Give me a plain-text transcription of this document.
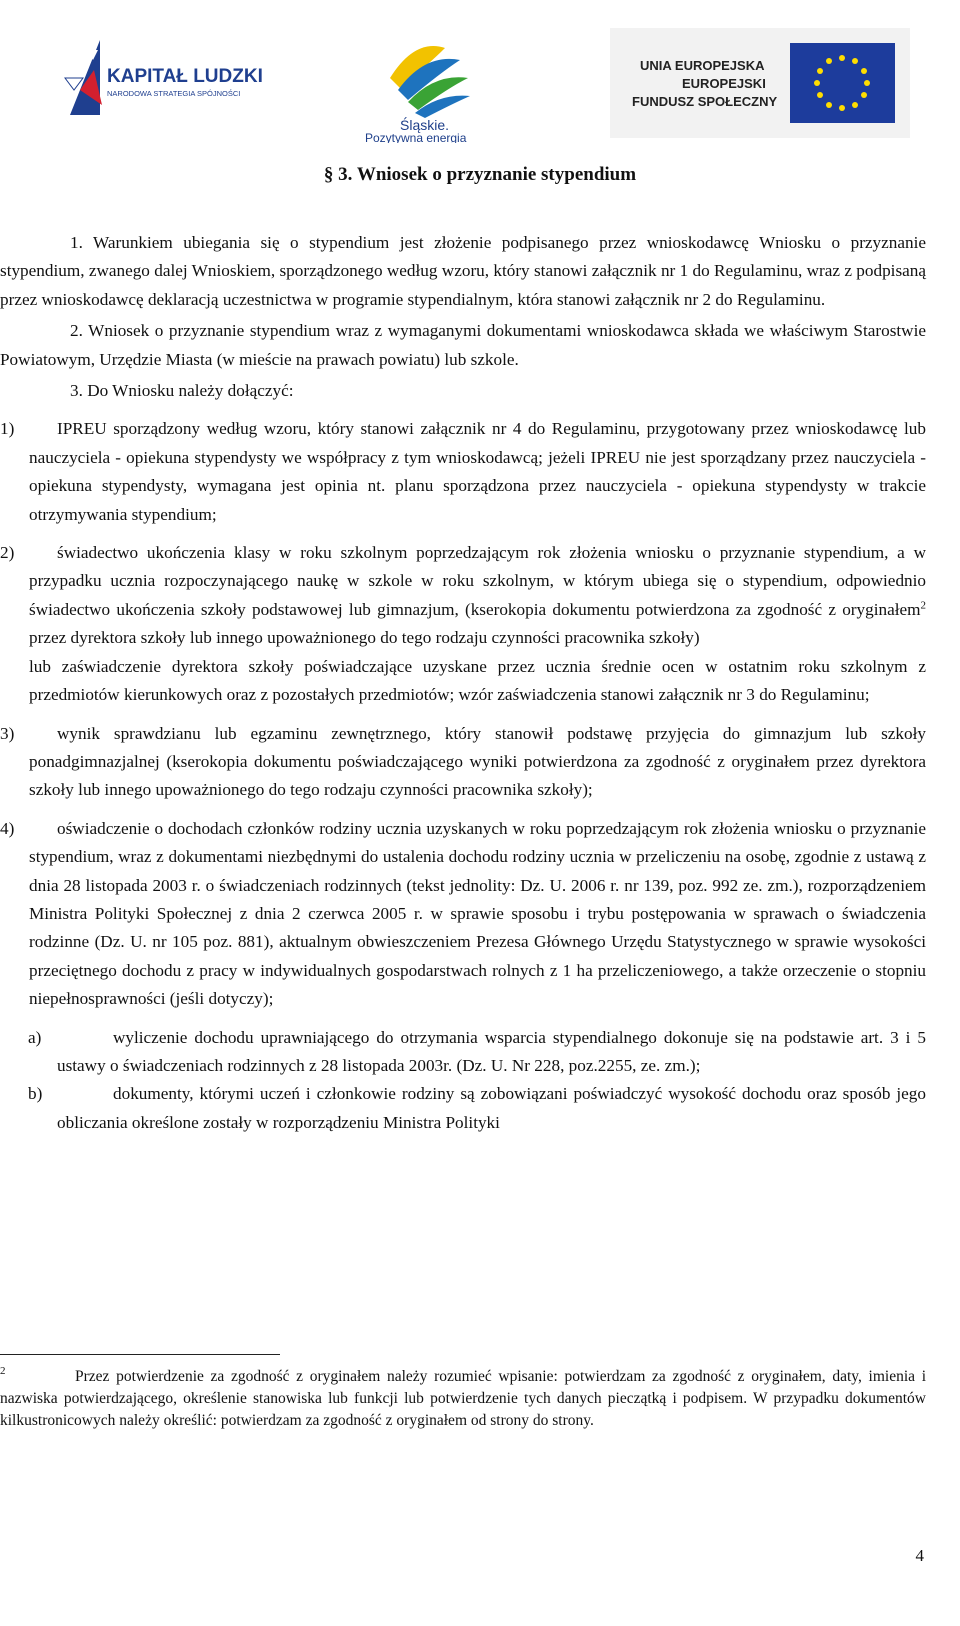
KAPITAŁ LUDZKI
NARODOWA STRATEGIA SPÓJNOŚCI
Śląskie.
Pozytywna energia
UNIA EUROPEJSKA
EUROPEJSKI
FUNDUSZ SPOŁECZNY
§ 3. Wniosek o przyznanie stypendium

1. Warunkiem ubiegania się o stypendium jest złożenie podpisanego przez wnioskodawcę Wniosku o przyznanie stypendium, zwanego dalej Wnioskiem, sporządzonego według wzoru, który stanowi załącznik nr 1 do Regulaminu, wraz z podpisaną przez wnioskodawcę deklaracją uczestnictwa w programie stypendialnym, która stanowi załącznik nr 2 do Regulaminu.

2. Wniosek o przyznanie stypendium wraz z wymaganymi dokumentami wnioskodawca składa we właściwym Starostwie Powiatowym, Urzędzie Miasta (w mieście na prawach powiatu) lub szkole.

3. Do Wniosku należy dołączyć:

1)	IPREU sporządzony według wzoru, który stanowi załącznik nr 4 do Regulaminu, przygotowany przez wnioskodawcę lub nauczyciela - opiekuna stypendysty we współpracy z tym wnioskodawcą; jeżeli IPREU nie jest sporządzany przez nauczyciela - opiekuna stypendysty, wymagana jest opinia nt. planu sporządzona przez nauczyciela - opiekuna stypendysty w trakcie otrzymywania stypendium;
2)	świadectwo ukończenia klasy w roku szkolnym poprzedzającym rok złożenia wniosku o przyznanie stypendium, a w przypadku ucznia rozpoczynającego naukę w szkole w roku szkolnym, w którym ubiega się o stypendium, odpowiednio świadectwo ukończenia szkoły podstawowej lub gimnazjum, (kserokopia dokumentu potwierdzona za zgodność z oryginałem$^2$ przez dyrektora szkoły lub innego upoważnionego do tego rodzaju czynności pracownika szkoły)
lub zaświadczenie dyrektora szkoły poświadczające uzyskane przez ucznia średnie ocen w ostatnim roku szkolnym z przedmiotów kierunkowych oraz z pozostałych przedmiotów; wzór zaświadczenia stanowi załącznik nr 3 do Regulaminu;
3)	wynik sprawdzianu lub egzaminu zewnętrznego, który stanowił podstawę przyjęcia do gimnazjum lub szkoły ponadgimnazjalnej (kserokopia dokumentu poświadczającego wyniki potwierdzona za zgodność z oryginałem przez dyrektora szkoły lub innego upoważnionego do tego rodzaju czynności pracownika szkoły);
4)	oświadczenie o dochodach członków rodziny ucznia uzyskanych w roku poprzedzającym rok złożenia wniosku o przyznanie stypendium, wraz z dokumentami niezbędnymi do ustalenia dochodu rodziny ucznia w przeliczeniu na osobę, zgodnie z ustawą z dnia 28 listopada 2003 r. o świadczeniach rodzinnych (tekst jednolity: Dz. U. 2006 r. nr 139, poz. 992 ze. zm.), rozporządzeniem Ministra Polityki Społecznej z dnia 2 czerwca 2005 r. w sprawie sposobu i trybu postępowania w sprawach o świadczenia rodzinne (Dz. U. nr 105 poz. 881), aktualnym obwieszczeniem Prezesa Głównego Urzędu Statystycznego w sprawie wysokości przeciętnego dochodu z pracy w indywidualnych gospodarstwach rolnych z 1 ha przeliczeniowego, a także orzeczenie o stopniu niepełnosprawności (jeśli dotyczy);
a)	wyliczenie dochodu uprawniającego do otrzymania wsparcia stypendialnego dokonuje się na podstawie art. 3 i 5 ustawy o świadczeniach rodzinnych z 28 listopada 2003r. (Dz. U. Nr 228, poz.2255, ze. zm.);
b)	dokumenty, którymi uczeń i członkowie rodziny są zobowiązani poświadczyć wysokość dochodu oraz sposób jego obliczania określone zostały w rozporządzeniu Ministra Polityki
2	Przez potwierdzenie za zgodność z oryginałem należy rozumieć wpisanie: potwierdzam za zgodność z oryginałem, daty, imienia i nazwiska potwierdzającego, określenie stanowiska lub funkcji lub potwierdzenie tych danych pieczątką i podpisem. W przypadku dokumentów kilkustronicowych należy określić: potwierdzam za zgodność z oryginałem od strony do strony.
4
